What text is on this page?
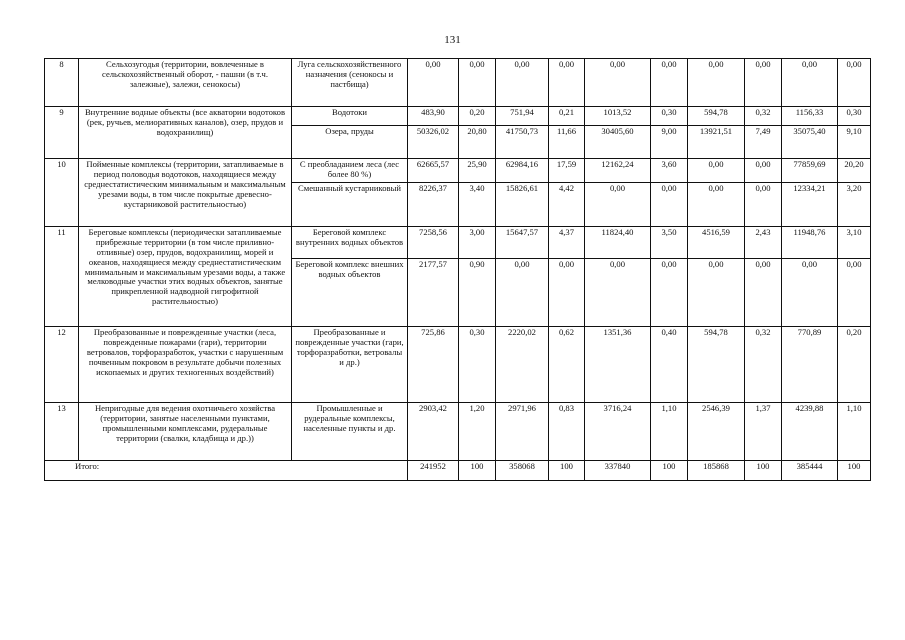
131
8	Сельхозугодья (территории, вовлеченные в сельскохозяйственный оборот, - пашни (в т.ч. залежные), залежи, сенокосы)	Луга сельскохозяйственного назначения (сенокосы и пастбища)	0,00	0,00	0,00	0,00	0,00	0,00	0,00	0,00	0,00	0,00
9	Внутренние водные объекты (все акватории водотоков (рек, ручьев, мелиоративных каналов), озер, прудов и водохранилищ)	Водотоки	483,90	0,20	751,94	0,21	1013,52	0,30	594,78	0,32	1156,33	0,30
		Озера, пруды	50326,02	20,80	41750,73	11,66	30405,60	9,00	13921,51	7,49	35075,40	9,10
10	Пойменные комплексы (территории, затапливаемые в период половодья водотоков, находящиеся между среднестатистическим минимальным и максимальным урезами воды, в том числе покрытые древесно-кустарниковой растительностью)	С преобладанием леса (лес более 80 %)	62665,57	25,90	62984,16	17,59	12162,24	3,60	0,00	0,00	77859,69	20,20
		Смешанный кустарниковый	8226,37	3,40	15826,61	4,42	0,00	0,00	0,00	0,00	12334,21	3,20
11	Береговые комплексы (периодически затапливаемые прибрежные территории (в том числе приливно-отливные) озер, прудов, водохранилищ, морей и океанов, находящиеся между среднестатистическим минимальным и максимальным урезами воды, а также мелководные участки этих водных объектов, занятые прикрепленной надводной гигрофитной растительностью)	Береговой комплекс внутренних водных объектов	7258,56	3,00	15647,57	4,37	11824,40	3,50	4516,59	2,43	11948,76	3,10
		Береговой комплекс внешних водных объектов	2177,57	0,90	0,00	0,00	0,00	0,00	0,00	0,00	0,00	0,00
12	Преобразованные и поврежденные участки (леса, поврежденные пожарами (гари), территории ветровалов, торфоразработок, участки с нарушенным почвенным покровом в результате добычи полезных ископаемых и других техногенных воздействий)	Преобразованные и поврежденные участки (гари, торфоразработки, ветровалы и др.)	725,86	0,30	2220,02	0,62	1351,36	0,40	594,78	0,32	770,89	0,20
13	Непригодные для ведения охотничьего хозяйства (территории, занятые населенными пунктами, промышленными комплексами, рудеральные территории (свалки, кладбища и др.))	Промышленные и рудеральные комплексы, населенные пункты и др.	2903,42	1,20	2971,96	0,83	3716,24	1,10	2546,39	1,37	4239,88	1,10
Итого:			241952	100	358068	100	337840	100	185868	100	385444	100
